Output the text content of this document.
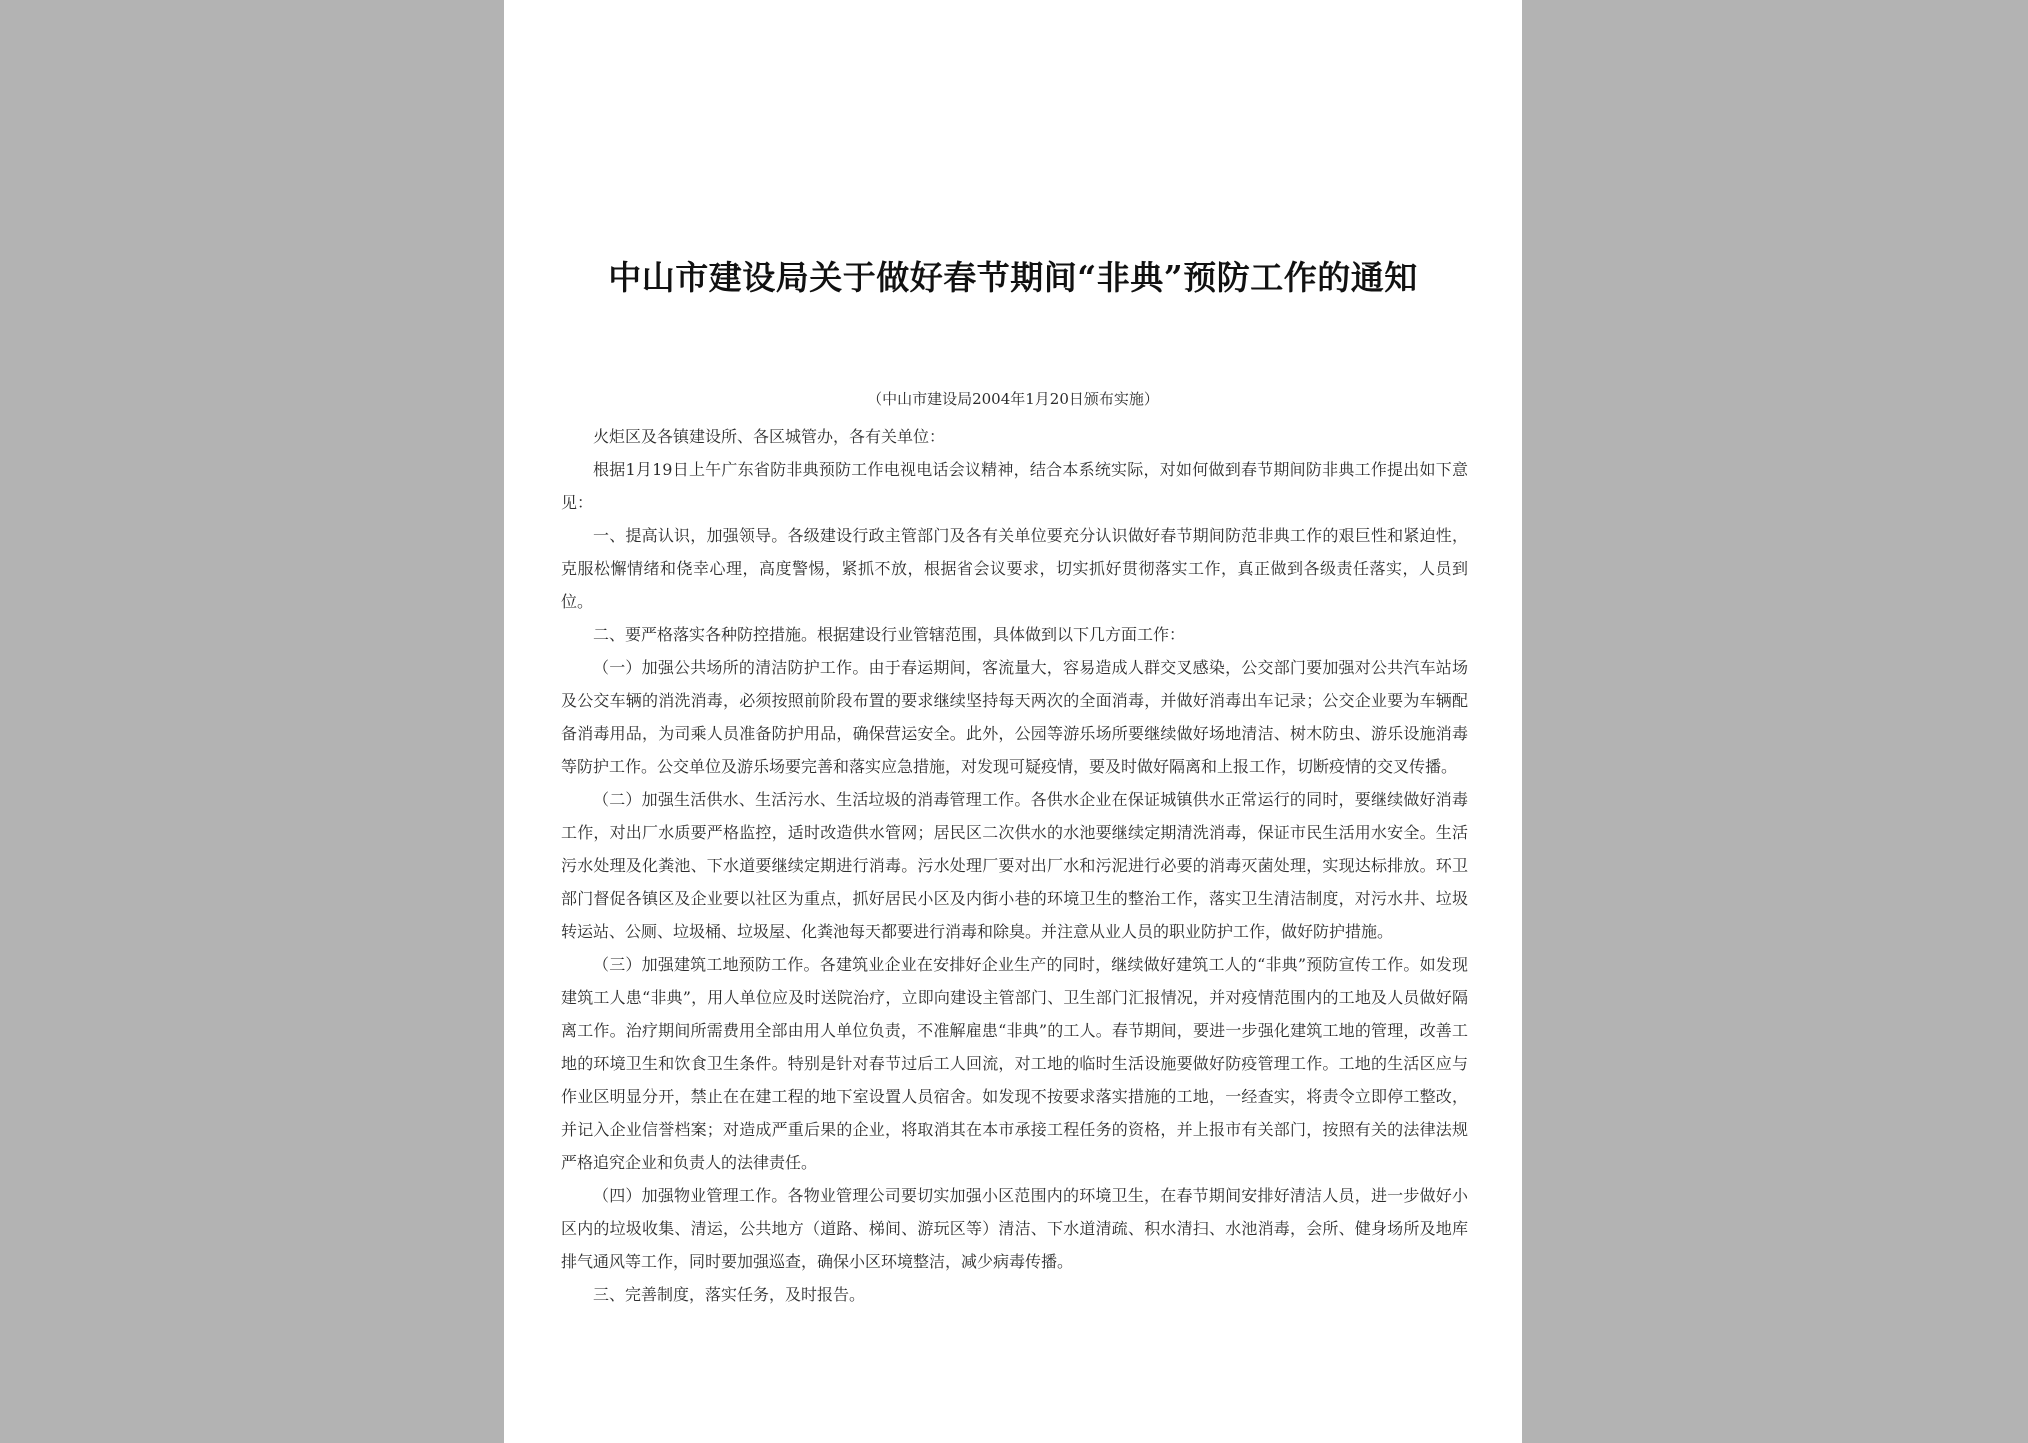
中山市建设局关于做好春节期间“非典”预防工作的通知
（中山市建设局2004年1月20日颁布实施）

火炬区及各镇建设所、各区城管办，各有关单位：

根据1月19日上午广东省防非典预防工作电视电话会议精神，结合本系统实际，对如何做到春节期间防非典工作提出如下意见：

一、提高认识，加强领导。各级建设行政主管部门及各有关单位要充分认识做好春节期间防范非典工作的艰巨性和紧迫性，克服松懈情绪和侥幸心理，高度警惕，紧抓不放，根据省会议要求，切实抓好贯彻落实工作，真正做到各级责任落实，人员到位。

二、要严格落实各种防控措施。根据建设行业管辖范围，具体做到以下几方面工作：

（一）加强公共场所的清洁防护工作。由于春运期间，客流量大，容易造成人群交叉感染，公交部门要加强对公共汽车站场及公交车辆的消洗消毒，必须按照前阶段布置的要求继续坚持每天两次的全面消毒，并做好消毒出车记录；公交企业要为车辆配备消毒用品，为司乘人员准备防护用品，确保营运安全。此外，公园等游乐场所要继续做好场地清洁、树木防虫、游乐设施消毒等防护工作。公交单位及游乐场要完善和落实应急措施，对发现可疑疫情，要及时做好隔离和上报工作，切断疫情的交叉传播。

（二）加强生活供水、生活污水、生活垃圾的消毒管理工作。各供水企业在保证城镇供水正常运行的同时，要继续做好消毒工作，对出厂水质要严格监控，适时改造供水管网；居民区二次供水的水池要继续定期清洗消毒，保证市民生活用水安全。生活污水处理及化粪池、下水道要继续定期进行消毒。污水处理厂要对出厂水和污泥进行必要的消毒灭菌处理，实现达标排放。环卫部门督促各镇区及企业要以社区为重点，抓好居民小区及内街小巷的环境卫生的整治工作，落实卫生清洁制度，对污水井、垃圾转运站、公厕、垃圾桶、垃圾屋、化粪池每天都要进行消毒和除臭。并注意从业人员的职业防护工作，做好防护措施。

（三）加强建筑工地预防工作。各建筑业企业在安排好企业生产的同时，继续做好建筑工人的“非典”预防宣传工作。如发现建筑工人患“非典”，用人单位应及时送院治疗，立即向建设主管部门、卫生部门汇报情况，并对疫情范围内的工地及人员做好隔离工作。治疗期间所需费用全部由用人单位负责，不准解雇患“非典”的工人。春节期间，要进一步强化建筑工地的管理，改善工地的环境卫生和饮食卫生条件。特别是针对春节过后工人回流，对工地的临时生活设施要做好防疫管理工作。工地的生活区应与作业区明显分开，禁止在在建工程的地下室设置人员宿舍。如发现不按要求落实措施的工地，一经查实，将责令立即停工整改，并记入企业信誉档案；对造成严重后果的企业，将取消其在本市承接工程任务的资格，并上报市有关部门，按照有关的法律法规严格追究企业和负责人的法律责任。

（四）加强物业管理工作。各物业管理公司要切实加强小区范围内的环境卫生，在春节期间安排好清洁人员，进一步做好小区内的垃圾收集、清运，公共地方（道路、梯间、游玩区等）清洁、下水道清疏、积水清扫、水池消毒，会所、健身场所及地库排气通风等工作，同时要加强巡查，确保小区环境整洁，减少病毒传播。

三、完善制度，落实任务，及时报告。
